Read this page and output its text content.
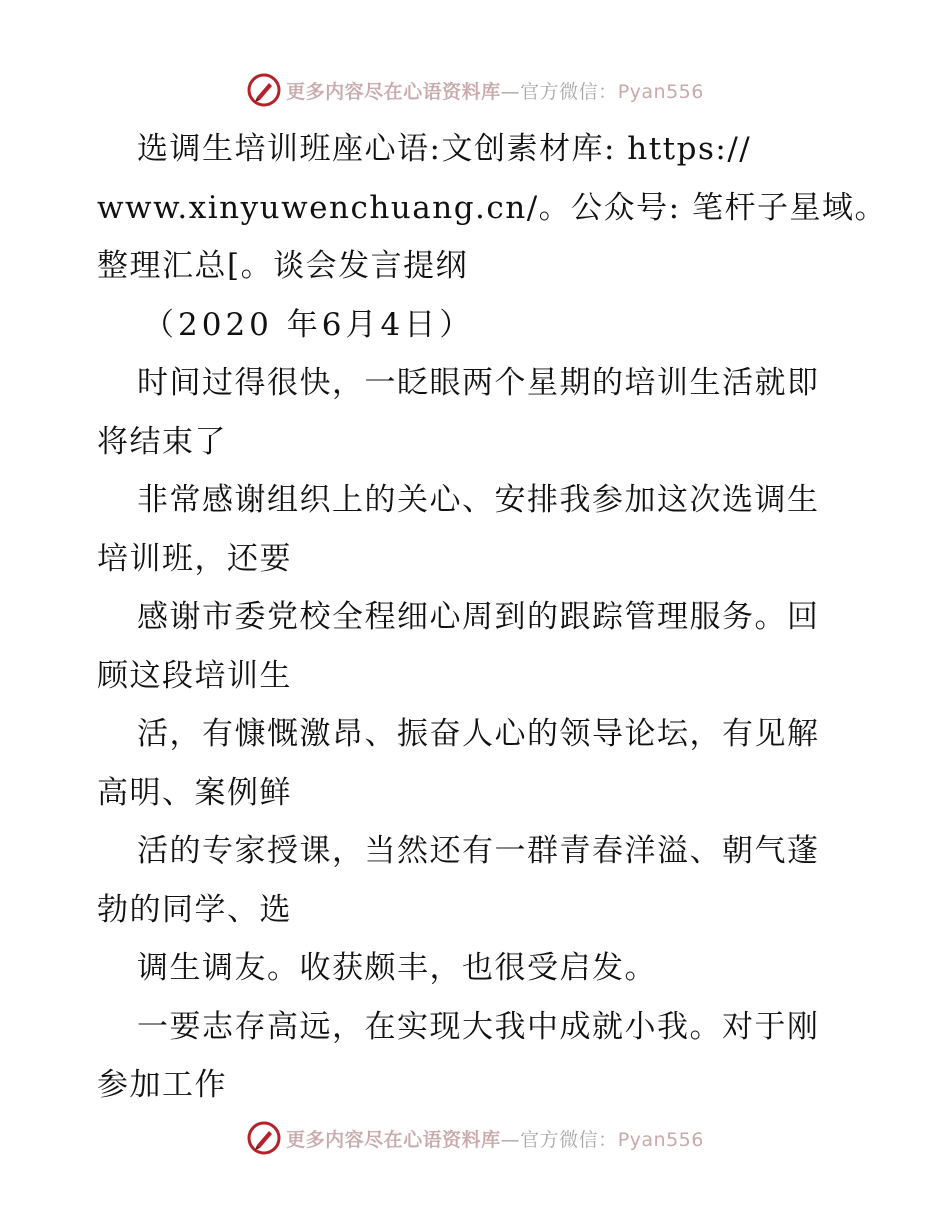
更多内容尽在心语资料库—官方微信：Pyan556
选调生培训班座心语:文创素材库: https://
www.xinyuwenchuang.cn/。公众号: 笔杆子星域。
整理汇总[。谈会发言提纲
（2020 年6月4日）
时间过得很快，一眨眼两个星期的培训生活就即
将结束了
非常感谢组织上的关心、安排我参加这次选调生
培训班，还要
感谢市委党校全程细心周到的跟踪管理服务。回
顾这段培训生
活，有慷慨激昂、振奋人心的领导论坛，有见解
高明、案例鲜
活的专家授课，当然还有一群青春洋溢、朝气蓬
勃的同学、选
调生调友。收获颇丰，也很受启发。
一要志存高远，在实现大我中成就小我。对于刚
参加工作
更多内容尽在心语资料库—官方微信：Pyan556
